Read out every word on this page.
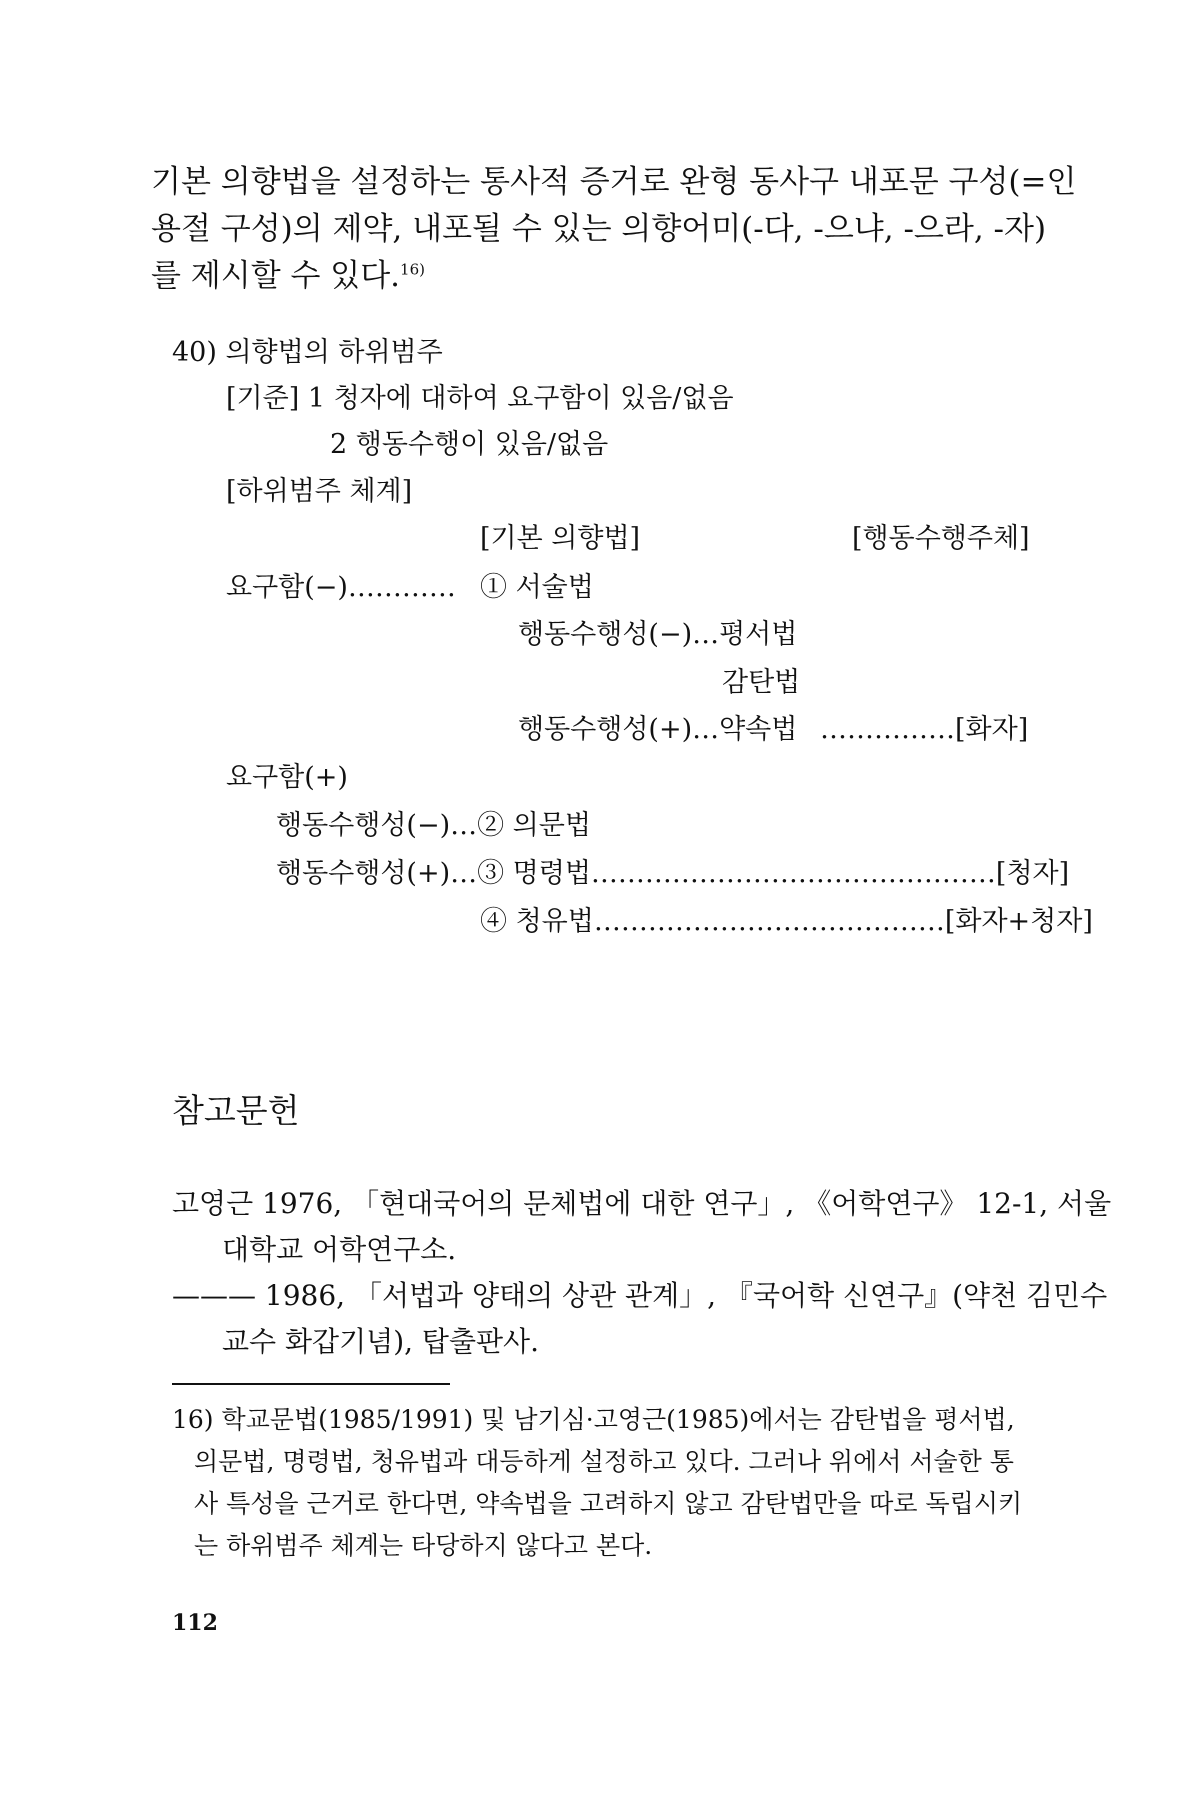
기본 의향법을 설정하는 통사적 증거로 완형 동사구 내포문 구성(=인
용절 구성)의 제약, 내포될 수 있는 의향어미(-다, -으냐, -으라, -자)
를 제시할 수 있다.$^{16)}$
40) 의향법의 하위범주
[기준] 1 청자에 대하여 요구함이 있음/없음
2 행동수행이 있음/없음
[하위범주 체계]
[기본 의향법]	[행동수행주체]
요구함(−)………… ① 서술법
행동수행성(−)…평서법
감탄법
행동수행성(+)…약속법 ……………[화자]
요구함(+)
행동수행성(−)…② 의문법
행동수행성(+)…③ 명령법………………………………………[청자]
④ 청유법…………………………………[화자+청자]
참고문헌
고영근 1976, 「현대국어의 문체법에 대한 연구」, 《어학연구》 12-1, 서울
대학교 어학연구소.
——— 1986, 「서법과 양태의 상관 관계」, 『국어학 신연구』(약천 김민수
교수 화갑기념), 탑출판사.
16) 학교문법(1985/1991) 및 남기심·고영근(1985)에서는 감탄법을 평서법,
의문법, 명령법, 청유법과 대등하게 설정하고 있다. 그러나 위에서 서술한 통
사 특성을 근거로 한다면, 약속법을 고려하지 않고 감탄법만을 따로 독립시키
는 하위범주 체계는 타당하지 않다고 본다.
112
